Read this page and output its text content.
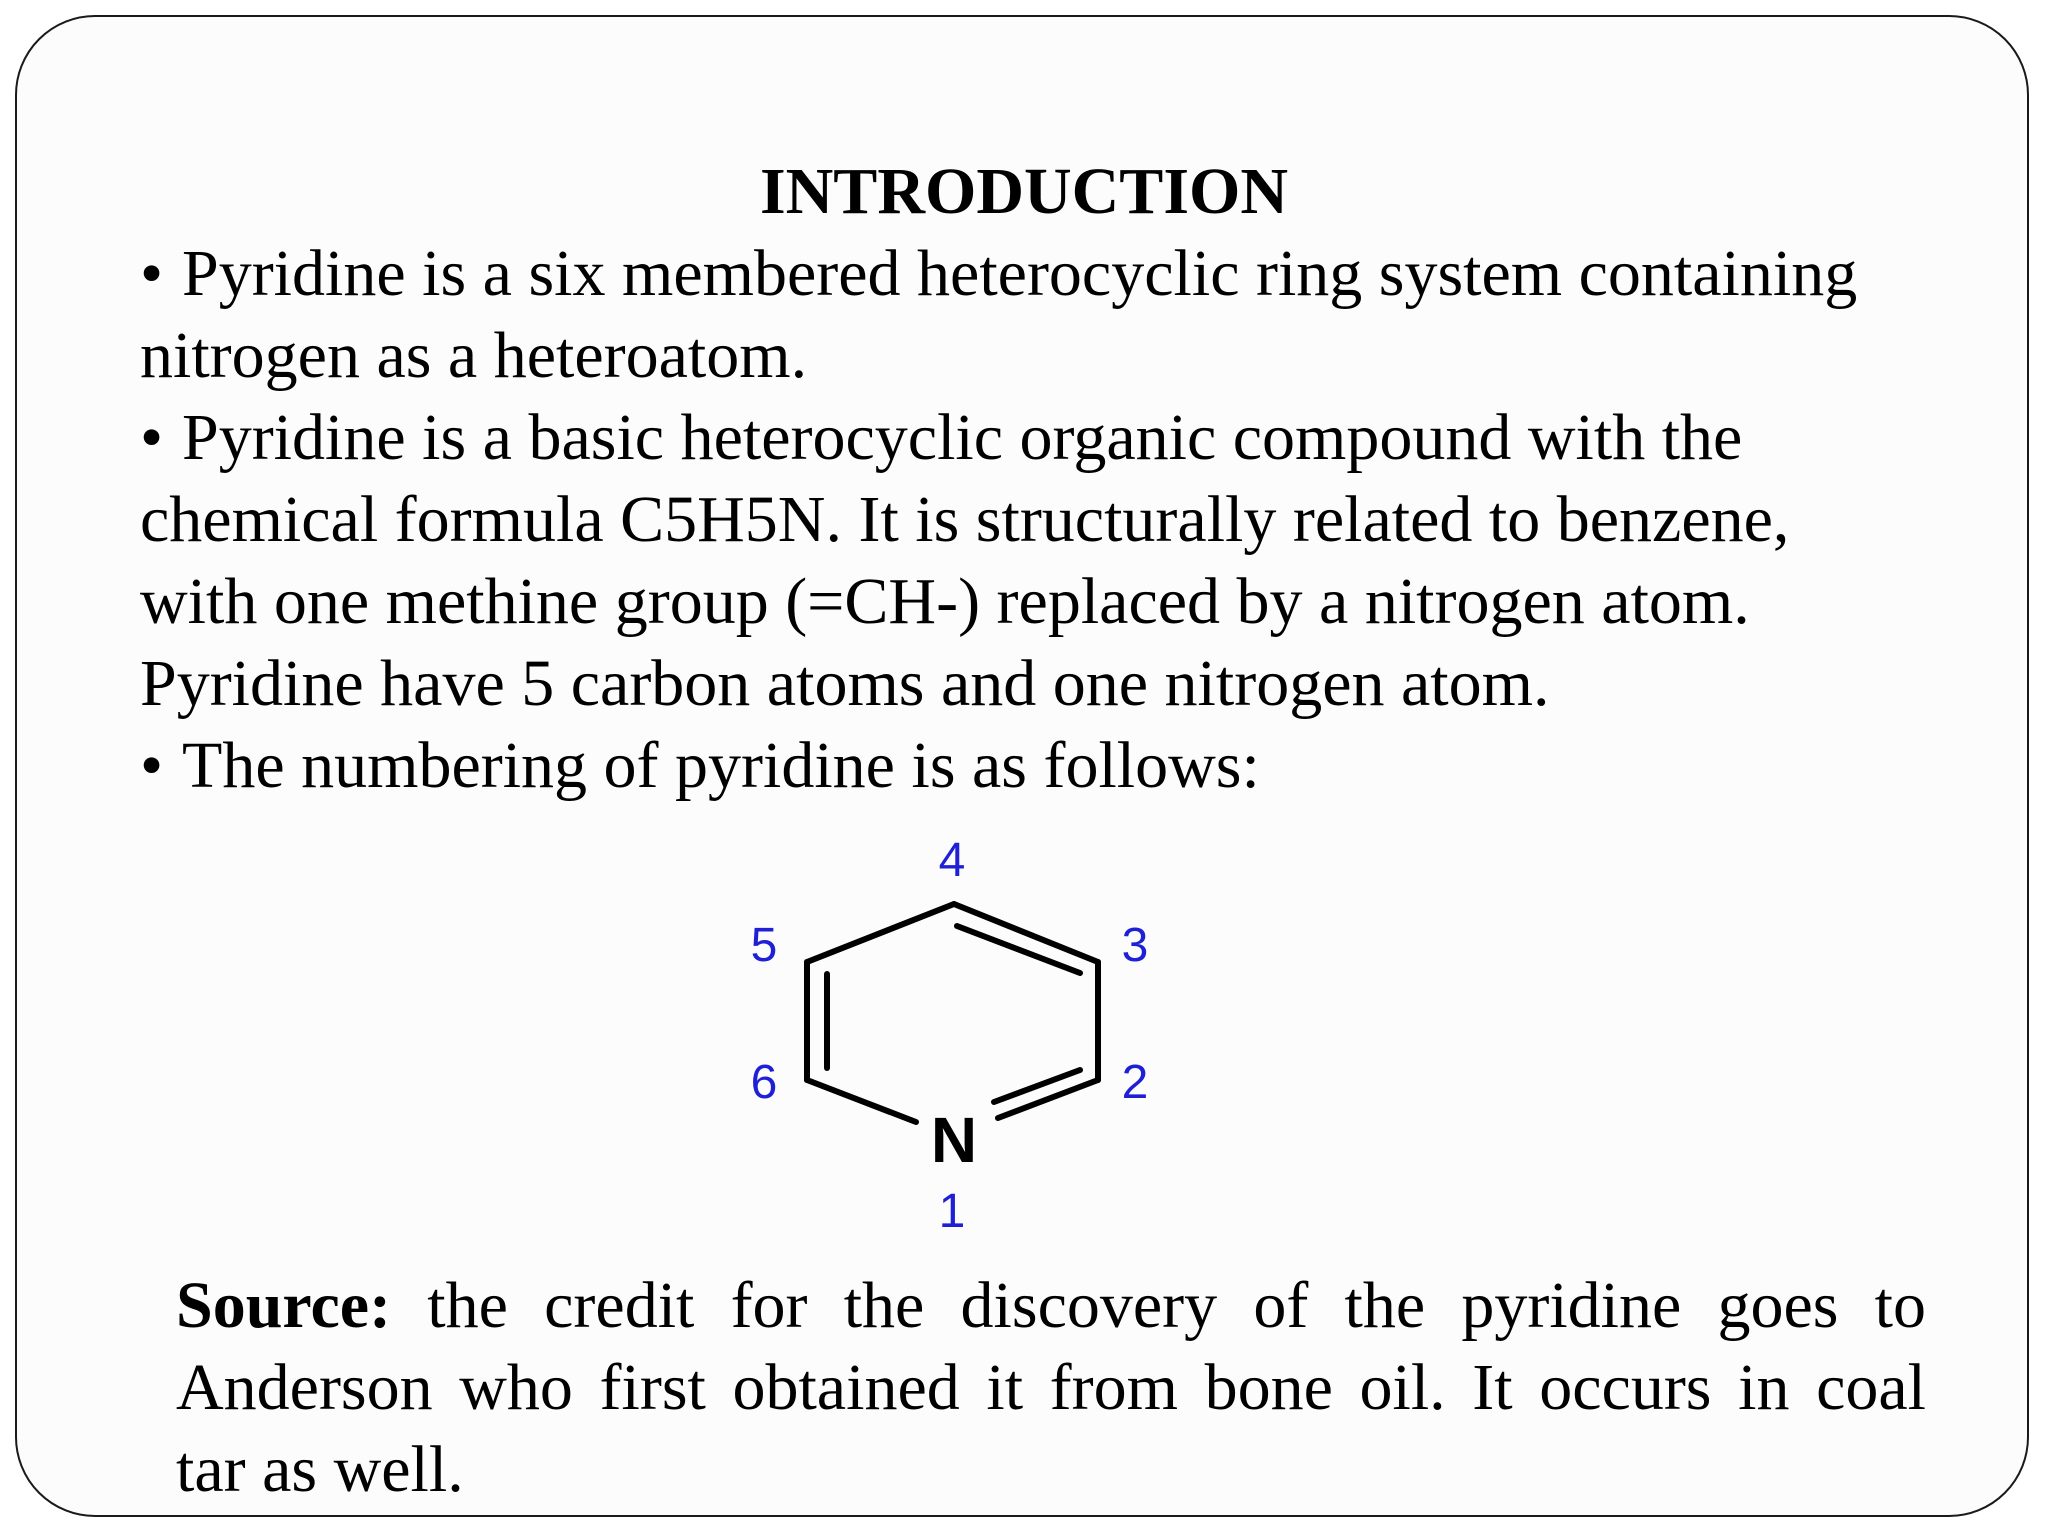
INTRODUCTION
• Pyridine is a six membered heterocyclic ring system containing
nitrogen as a heteroatom.
• Pyridine is a basic heterocyclic organic compound with the
chemical formula C5H5N. It is structurally related to benzene,
with one methine group (=CH-) replaced by a nitrogen atom.
Pyridine have 5 carbon atoms and one nitrogen atom.
• The numbering of pyridine is as follows:
N
1
2
3
4
5
6
Source: the credit for the discovery of the pyridine goes to
Anderson who first obtained it from bone oil. It occurs in coal
tar as well.
